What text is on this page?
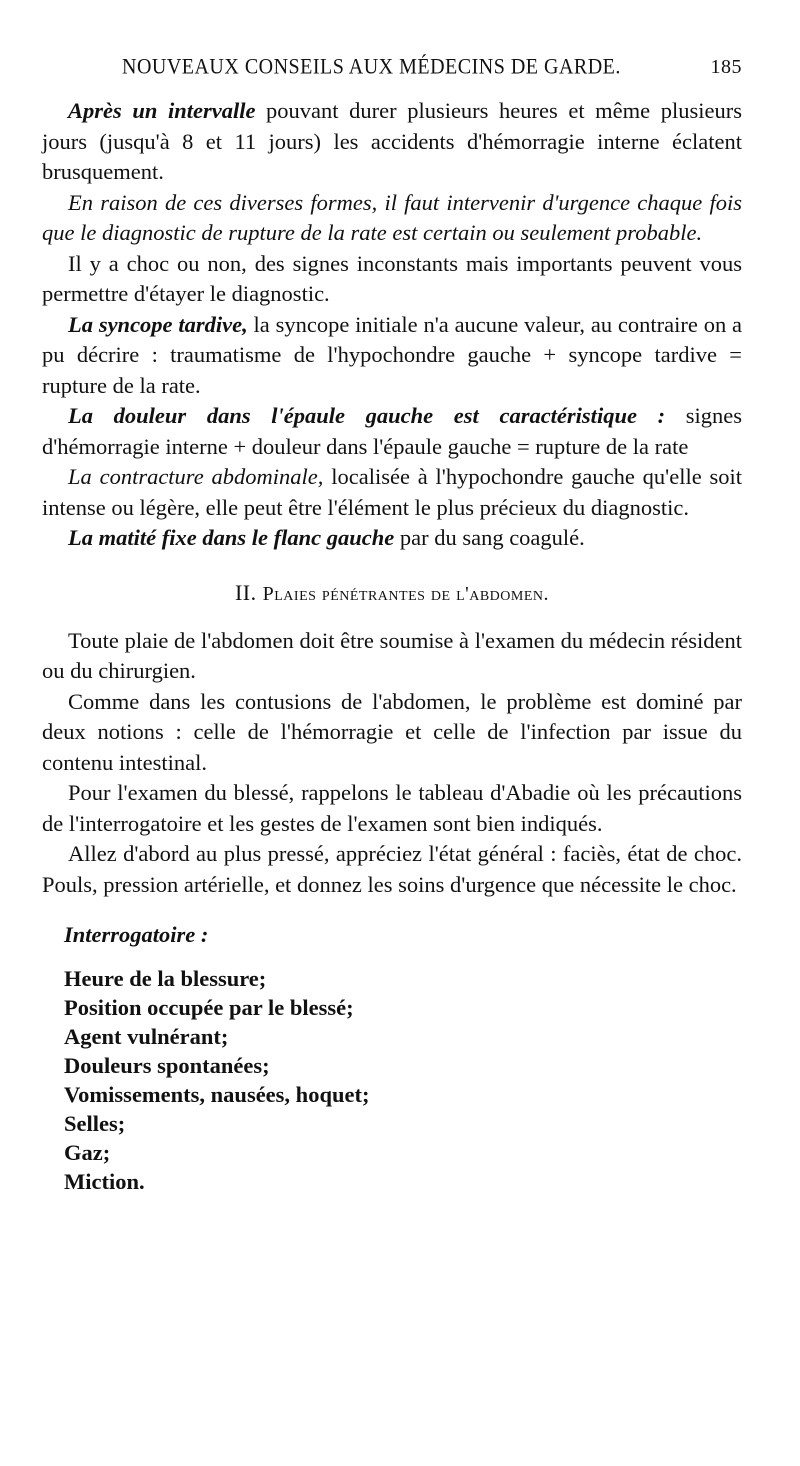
NOUVEAUX CONSEILS AUX MÉDECINS DE GARDE.	185

Après un intervalle pouvant durer plusieurs heures et même plusieurs jours (jusqu'à 8 et 11 jours) les accidents d'hémorragie interne éclatent brusquement.

En raison de ces diverses formes, il faut intervenir d'urgence chaque fois que le diagnostic de rupture de la rate est certain ou seulement probable.

Il y a choc ou non, des signes inconstants mais importants peuvent vous permettre d'étayer le diagnostic.

La syncope tardive, la syncope initiale n'a aucune valeur, au contraire on a pu décrire : traumatisme de l'hypochondre gauche + syncope tardive = rupture de la rate.

La douleur dans l'épaule gauche est caractéristique : signes d'hémorragie interne + douleur dans l'épaule gauche = rupture de la rate

La contracture abdominale, localisée à l'hypochondre gauche qu'elle soit intense ou légère, elle peut être l'élément le plus précieux du diagnostic.

La matité fixe dans le flanc gauche par du sang coagulé.

II. Plaies pénétrantes de l'abdomen.

Toute plaie de l'abdomen doit être soumise à l'examen du médecin résident ou du chirurgien.

Comme dans les contusions de l'abdomen, le problème est dominé par deux notions : celle de l'hémorragie et celle de l'infection par issue du contenu intestinal.

Pour l'examen du blessé, rappelons le tableau d'Abadie où les précautions de l'interrogatoire et les gestes de l'examen sont bien indiqués.

Allez d'abord au plus pressé, appréciez l'état général : faciès, état de choc. Pouls, pression artérielle, et donnez les soins d'urgence que nécessite le choc.

Interrogatoire :
Heure de la blessure;
Position occupée par le blessé;
Agent vulnérant;
Douleurs spontanées;
Vomissements, nausées, hoquet;
Selles;
Gaz;
Miction.
